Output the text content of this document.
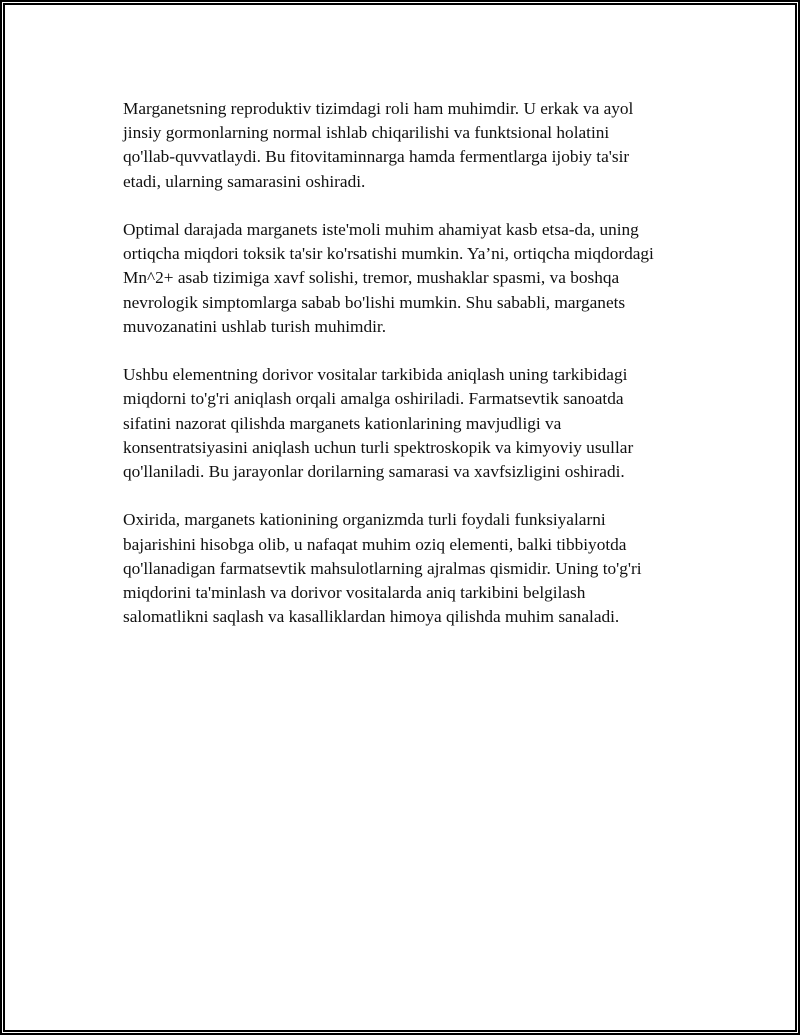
Marganetsning reproduktiv tizimdagi roli ham muhimdir. U erkak va ayol
jinsiy gormonlarning normal ishlab chiqarilishi va funktsional holatini
qo'llab-quvvatlaydi. Bu fitovitaminnarga hamda fermentlarga ijobiy ta'sir
etadi, ularning samarasini oshiradi.

Optimal darajada marganets iste'moli muhim ahamiyat kasb etsa-da, uning
ortiqcha miqdori toksik ta'sir ko'rsatishi mumkin. Ya’ni, ortiqcha miqdordagi
Mn^2+ asab tizimiga xavf solishi, tremor, mushaklar spasmi, va boshqa
nevrologik simptomlarga sabab bo'lishi mumkin. Shu sababli, marganets
muvozanatini ushlab turish muhimdir.

Ushbu elementning dorivor vositalar tarkibida aniqlash uning tarkibidagi
miqdorni to'g'ri aniqlash orqali amalga oshiriladi. Farmatsevtik sanoatda
sifatini nazorat qilishda marganets kationlarining mavjudligi va
konsentratsiyasini aniqlash uchun turli spektroskopik va kimyoviy usullar
qo'llaniladi. Bu jarayonlar dorilarning samarasi va xavfsizligini oshiradi.

Oxirida, marganets kationining organizmda turli foydali funksiyalarni
bajarishini hisobga olib, u nafaqat muhim oziq elementi, balki tibbiyotda
qo'llanadigan farmatsevtik mahsulotlarning ajralmas qismidir. Uning to'g'ri
miqdorini ta'minlash va dorivor vositalarda aniq tarkibini belgilash
salomatlikni saqlash va kasalliklardan himoya qilishda muhim sanaladi.
